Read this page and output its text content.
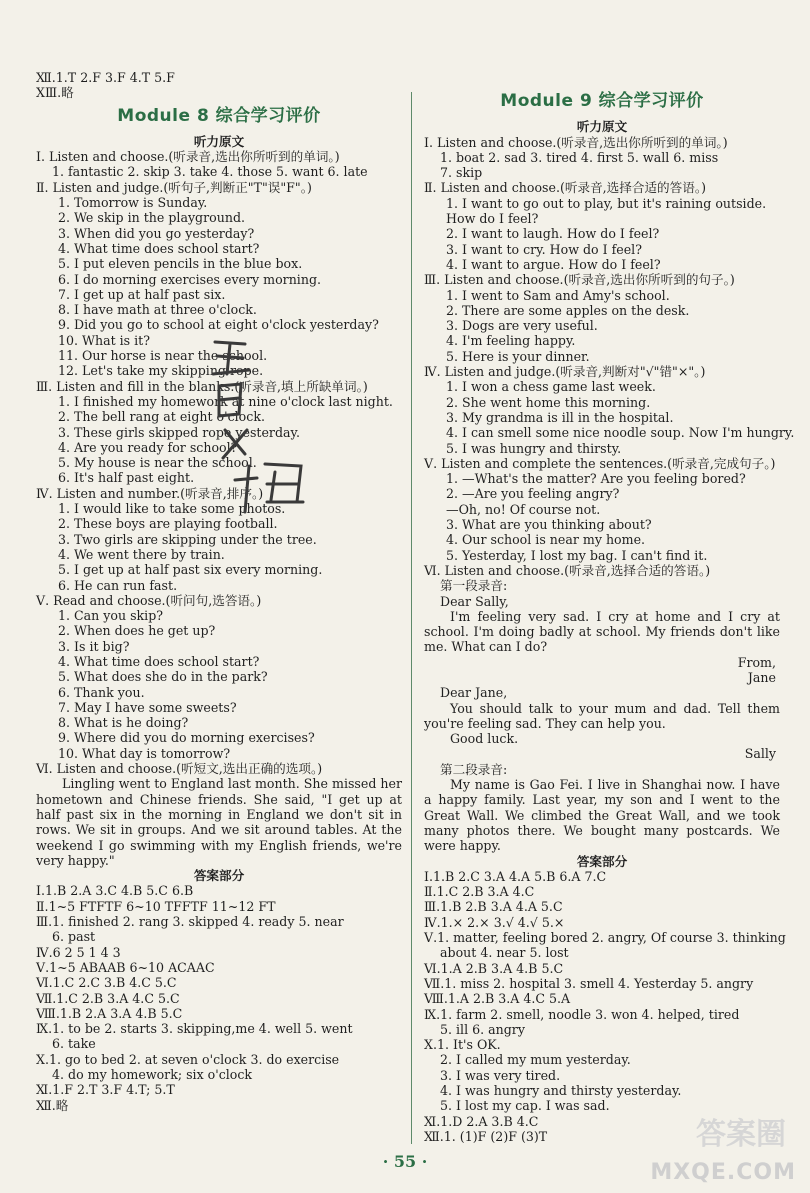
Ⅻ.1.T 2.F 3.F 4.T 5.F
ⅩⅢ.略
Module 8 综合学习评价
听力原文
Ⅰ. Listen and choose.(听录音,选出你所听到的单词。)
1. fantastic 2. skip 3. take 4. those 5. want 6. late
Ⅱ. Listen and judge.(听句子,判断正"T"误"F"。)
1. Tomorrow is Sunday.
2. We skip in the playground.
3. When did you go yesterday?
4. What time does school start?
5. I put eleven pencils in the blue box.
6. I do morning exercises every morning.
7. I get up at half past six.
8. I have math at three o'clock.
9. Did you go to school at eight o'clock yesterday?
10. What is it?
11. Our horse is near the school.
12. Let's take my skipping rope.
Ⅲ. Listen and fill in the blanks.(听录音,填上所缺单词。)
1. I finished my homework at nine o'clock last night.
2. The bell rang at eight o'clock.
3. These girls skipped rope yesterday.
4. Are you ready for school?
5. My house is near the school.
6. It's half past eight.
Ⅳ. Listen and number.(听录音,排序。)
1. I would like to take some photos.
2. These boys are playing football.
3. Two girls are skipping under the tree.
4. We went there by train.
5. I get up at half past six every morning.
6. He can run fast.
Ⅴ. Read and choose.(听问句,选答语。)
1. Can you skip?
2. When does he get up?
3. Is it big?
4. What time does school start?
5. What does she do in the park?
6. Thank you.
7. May I have some sweets?
8. What is he doing?
9. Where did you do morning exercises?
10. What day is tomorrow?
Ⅵ. Listen and choose.(听短文,选出正确的选项。)
Lingling went to England last month. She missed her hometown and Chinese friends. She said, "I get up at half past six in the morning in England we don't sit in rows. We sit in groups. And we sit around tables. At the weekend I go swimming with my English friends, we're very happy."
答案部分
Ⅰ.1.B 2.A 3.C 4.B 5.C 6.B
Ⅱ.1~5 FTFTF 6~10 TFFTF 11~12 FT
Ⅲ.1. finished 2. rang 3. skipped 4. ready 5. near
6. past
Ⅳ.6 2 5 1 4 3
Ⅴ.1~5 ABAAB 6~10 ACAAC
Ⅵ.1.C 2.C 3.B 4.C 5.C
Ⅶ.1.C 2.B 3.A 4.C 5.C
Ⅷ.1.B 2.A 3.A 4.B 5.C
Ⅸ.1. to be 2. starts 3. skipping,me 4. well 5. went
6. take
Ⅹ.1. go to bed 2. at seven o'clock 3. do exercise
4. do my homework; six o'clock
Ⅺ.1.F 2.T 3.F 4.T; 5.T
Ⅻ.略
Module 9 综合学习评价
听力原文
Ⅰ. Listen and choose.(听录音,选出你所听到的单词。)
1. boat 2. sad 3. tired 4. first 5. wall 6. miss
7. skip
Ⅱ. Listen and choose.(听录音,选择合适的答语。)
1. I want to go out to play, but it's raining outside.
How do I feel?
2. I want to laugh. How do I feel?
3. I want to cry. How do I feel?
4. I want to argue. How do I feel?
Ⅲ. Listen and choose.(听录音,选出你所听到的句子。)
1. I went to Sam and Amy's school.
2. There are some apples on the desk.
3. Dogs are very useful.
4. I'm feeling happy.
5. Here is your dinner.
Ⅳ. Listen and judge.(听录音,判断对"√"错"×"。)
1. I won a chess game last week.
2. She went home this morning.
3. My grandma is ill in the hospital.
4. I can smell some nice noodle soup. Now I'm hungry.
5. I was hungry and thirsty.
Ⅴ. Listen and complete the sentences.(听录音,完成句子。)
1. —What's the matter? Are you feeling bored?
2. —Are you feeling angry?
—Oh, no! Of course not.
3. What are you thinking about?
4. Our school is near my home.
5. Yesterday, I lost my bag. I can't find it.
Ⅵ. Listen and choose.(听录音,选择合适的答语。)
第一段录音:
Dear Sally,
I'm feeling very sad. I cry at home and I cry at school. I'm doing badly at school. My friends don't like me. What can I do?
From,
Jane
Dear Jane,
You should talk to your mum and dad. Tell them you're feeling sad. They can help you.
Good luck.
Sally
第二段录音:
My name is Gao Fei. I live in Shanghai now. I have a happy family. Last year, my son and I went to the Great Wall. We climbed the Great Wall, and we took many photos there. We bought many postcards. We were happy.
答案部分
Ⅰ.1.B 2.C 3.A 4.A 5.B 6.A 7.C
Ⅱ.1.C 2.B 3.A 4.C
Ⅲ.1.B 2.B 3.A 4.A 5.C
Ⅳ.1.× 2.× 3.√ 4.√ 5.×
Ⅴ.1. matter, feeling bored 2. angry, Of course 3. thinking
about 4. near 5. lost
Ⅵ.1.A 2.B 3.A 4.B 5.C
Ⅶ.1. miss 2. hospital 3. smell 4. Yesterday 5. angry
Ⅷ.1.A 2.B 3.A 4.C 5.A
Ⅸ.1. farm 2. smell, noodle 3. won 4. helped, tired
5. ill 6. angry
Ⅹ.1. It's OK.
2. I called my mum yesterday.
3. I was very tired.
4. I was hungry and thirsty yesterday.
5. I lost my cap. I was sad.
Ⅺ.1.D 2.A 3.B 4.C
Ⅻ.1. (1)F (2)F (3)T
· 55 ·
答案圈
MXQE.COM
